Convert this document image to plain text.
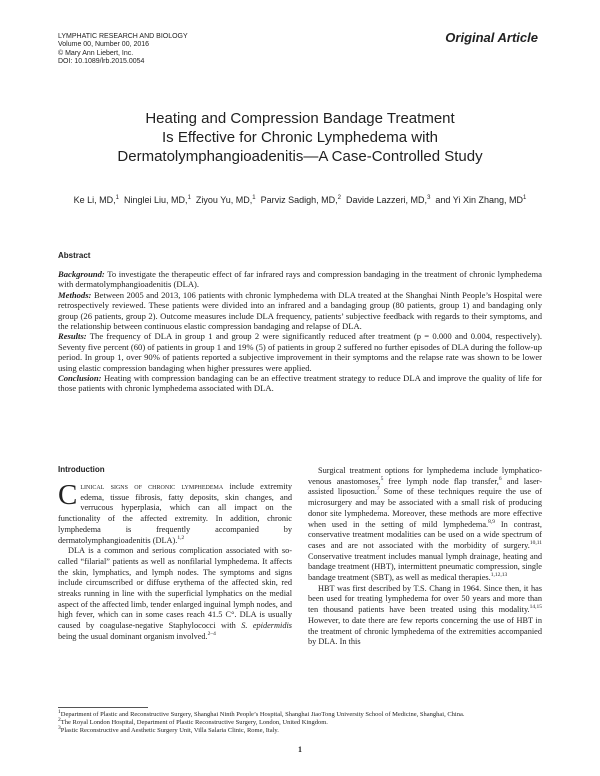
LYMPHATIC RESEARCH AND BIOLOGY
Volume 00, Number 00, 2016
© Mary Ann Liebert, Inc.
DOI: 10.1089/lrb.2015.0054
Original Article
Heating and Compression Bandage Treatment
Is Effective for Chronic Lymphedema with
Dermatolymphangioadenitis—A Case-Controlled Study
Ke Li, MD,$^1$ Ninglei Liu, MD,$^1$ Ziyou Yu, MD,$^1$ Parviz Sadigh, MD,$^2$ Davide Lazzeri, MD,$^3$ and Yi Xin Zhang, $MD^1$
Abstract

Background: To investigate the therapeutic effect of far infrared rays and compression bandaging in the treatment of chronic lymphedema with dermatolymphangioadenitis (DLA).

Methods: Between 2005 and 2013, 106 patients with chronic lymphedema with DLA treated at the Shanghai Ninth People’s Hospital were retrospectively reviewed. These patients were divided into an infrared and a bandaging group (80 patients, group 1) and bandaging only group (26 patients, group 2). Outcome measures include DLA frequency, patients’ subjective feedback with regards to their symptoms, and the relationship between continuous elastic compression bandaging and relapse of DLA.

Results: The frequency of DLA in group 1 and group 2 were significantly reduced after treatment (p = 0.000 and 0.004, respectively). Seventy five percent (60) of patients in group 1 and 19% (5) of patients in group 2 suffered no further episodes of DLA during the follow-up period. In group 1, over 90% of patients reported a subjective improvement in their symptoms and the relapse rate was shown to be lower using elastic compression bandaging when higher pressures were applied.

Conclusion: Heating with compression bandaging can be an effective treatment strategy to reduce DLA and improve the quality of life for those patients with chronic lymphedema associated with DLA.

Introduction

Clinical signs of chronic lymphedema include extremity edema, tissue fibrosis, fatty deposits, skin changes, and verrucous hyperplasia, which can all impact on the functionality of the affected extremity. In addition, chronic lymphedema is frequently accompanied by dermatolymphangioadenitis (DLA).$^{1,2}$

DLA is a common and serious complication associated with so-called “filarial” patients as well as nonfilarial lymphedema. It affects the skin, lymphatics, and lymph nodes. The symptoms and signs include circumscribed or diffuse erythema of the affected skin, red streaks running in line with the superficial lymphatics on the medial aspect of the affected limb, tender enlarged inguinal lymph nodes, and high fever, which can in some cases reach 41.5 C°. DLA is usually caused by coagulase-negative Staphylococci with S. epidermidis being the usual dominant organism involved.$^{2-4}$

Surgical treatment options for lymphedema include lymphatico-venous anastomoses,$^5$ free lymph node flap transfer,$^6$ and laser-assisted liposuction.$^7$ Some of these techniques require the use of microsurgery and may be associated with a small risk of producing donor site lymphedema. Moreover, these methods are more effective when used in the setting of mild lymphedema.$^{8,9}$ In contrast, conservative treatment modalities can be used on a wide spectrum of cases and are not associated with the morbidity of surgery.$^{10,11}$ Conservative treatment includes manual lymph drainage, heating and bandage treatment (HBT), intermittent pneumatic compression, single bandage treatment (SBT), as well as medical therapies.$^{1,12,13}$

HBT was first described by T.S. Chang in 1964. Since then, it has been used for treating lymphedema for over 50 years and more than ten thousand patients have been treated using this modality.$^{14,15}$ However, to date there are few reports concerning the use of HBT in the treatment of chronic lymphedema of the extremities accompanied by DLA. In this

$^1$Department of Plastic and Reconstructive Surgery, Shanghai Ninth People’s Hospital, Shanghai JiaoTong University School of Medicine, Shanghai, China.
$^2$The Royal London Hospital, Department of Plastic Reconstructive Surgery, London, United Kingdom.
$^3$Plastic Reconstructive and Aesthetic Surgery Unit, Villa Salaria Clinic, Rome, Italy.
1
